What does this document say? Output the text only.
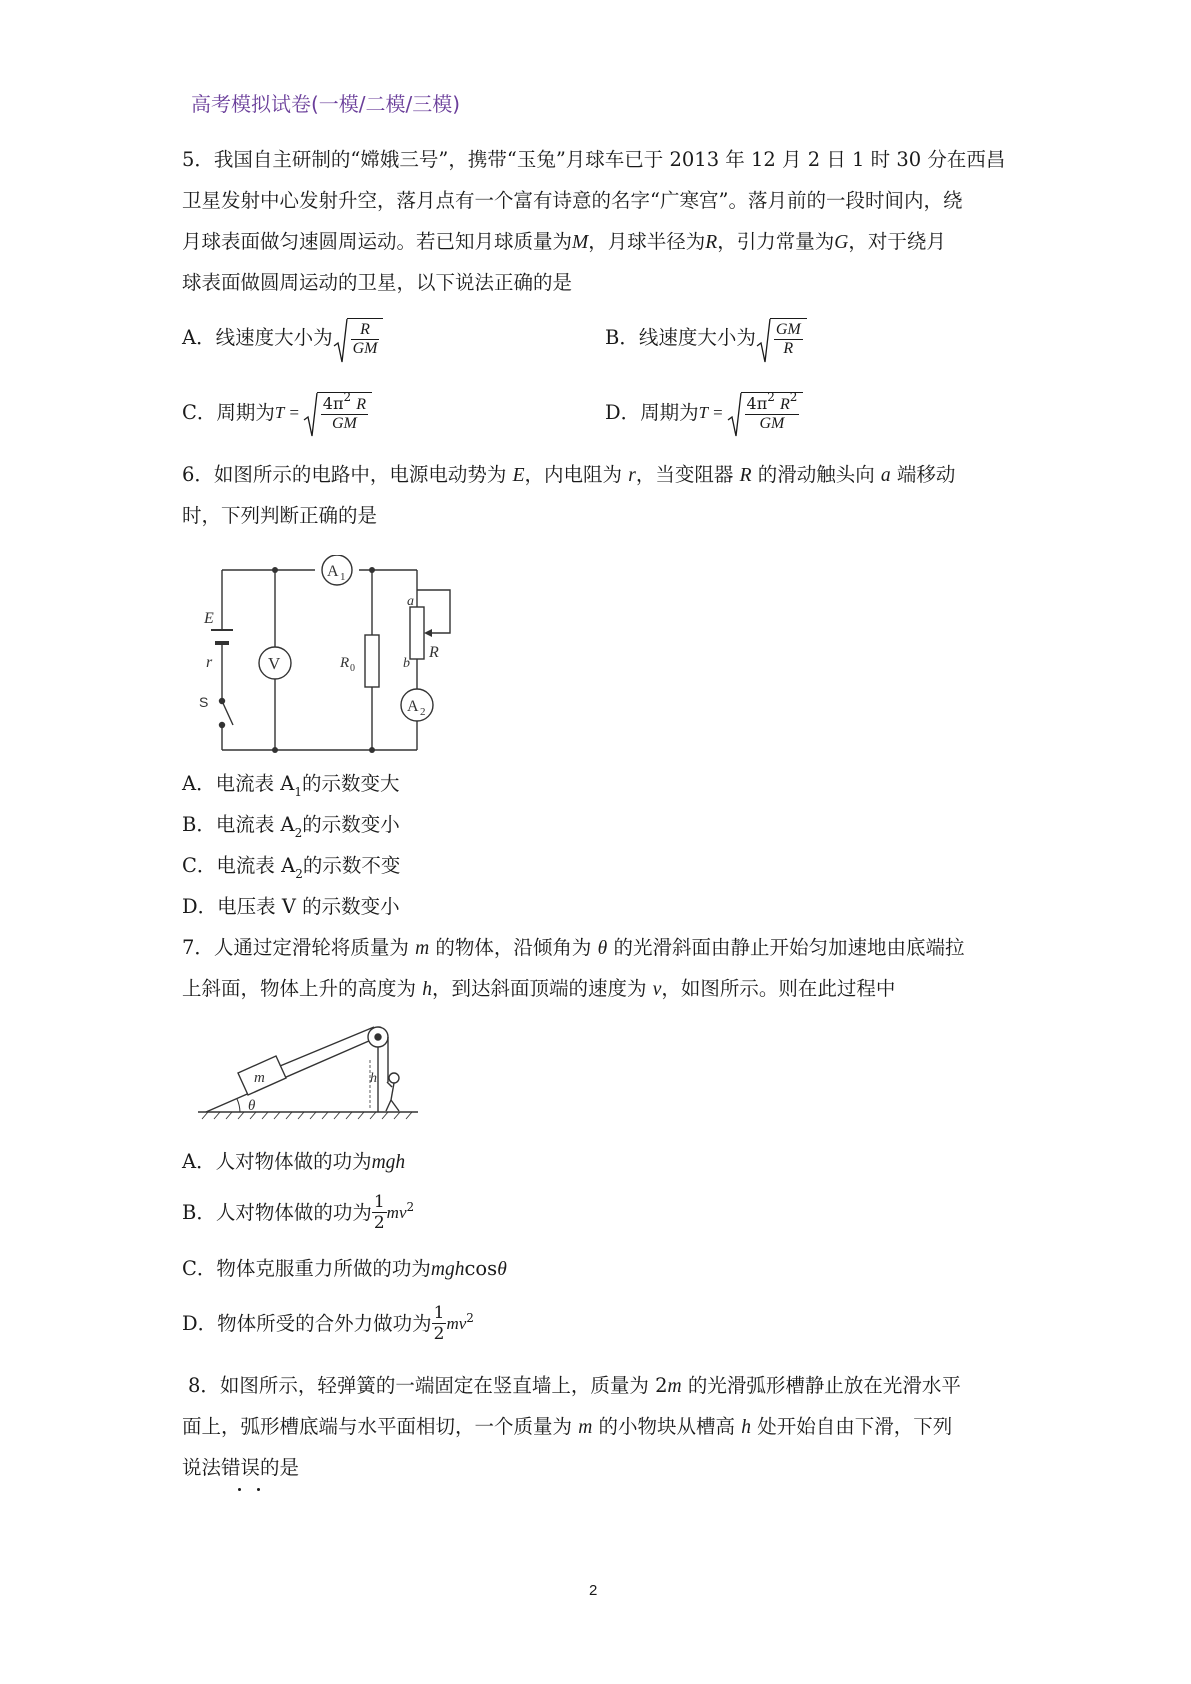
高考模拟试卷(一模/二模/三模)
5．我国自主研制的“嫦娥三号”，携带“玉兔”月球车已于 2013 年 12 月 2 日 1 时 30 分在西昌
卫星发射中心发射升空，落月点有一个富有诗意的名字“广寒宫”。落月前的一段时间内，绕
月球表面做匀速圆周运动。若已知月球质量为M，月球半径为R，引力常量为G，对于绕月
球表面做圆周运动的卫星，以下说法正确的是
A．线速度大小为 $\frac{R}{GM}$	B．线速度大小为 $\frac{GM}{R}$
C．周期为 $T = \frac{4\pi^2 R}{GM}$	D．周期为 $T = \frac{4\pi^2 R^2}{GM}$
6．如图所示的电路中，电源电动势为 E，内电阻为 r，当变阻器 R 的滑动触头向 a 端移动
时，下列判断正确的是
E
r
S
V
A 1
A 2
R 0
R
a
b
A．电流表 $A_1$的示数变大
B．电流表 $A_2$的示数变小
C．电流表 $A_2$的示数不变
D．电压表 V 的示数变小
7．人通过定滑轮将质量为 m 的物体，沿倾角为 θ 的光滑斜面由静止开始匀加速地由底端拉
上斜面，物体上升的高度为 h，到达斜面顶端的速度为 v，如图所示。则在此过程中
m
θ
h
A．人对物体做的功为mgh
B．人对物体做的功为 $\frac{1}{2}$ mv 2
C．物体克服重力所做的功为mghcosθ
D．物体所受的合外力做功为 $\frac{1}{2}$ mv 2
8．如图所示，轻弹簧的一端固定在竖直墙上，质量为 2m 的光滑弧形槽静止放在光滑水平
面上，弧形槽底端与水平面相切，一个质量为 m 的小物块从槽高 h 处开始自由下滑，下列
说法错误的是
2
